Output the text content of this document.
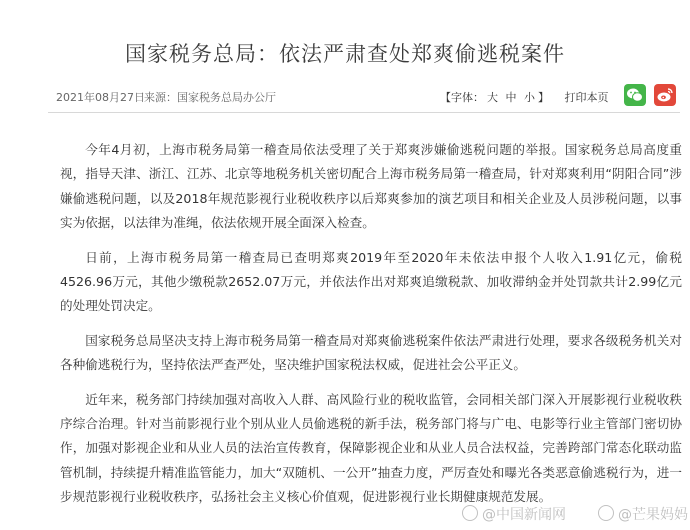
国家税务总局：依法严肃查处郑爽偷逃税案件
2021年08月27日 来源：国家税务总局办公厅	【字体： 大 中 小 】 打印本页

今年4月初，上海市税务局第一稽查局依法受理了关于郑爽涉嫌偷逃税问题的举报。国家税务总局高度重视，指导天津、浙江、江苏、北京等地税务机关密切配合上海市税务局第一稽查局，针对郑爽利用“阴阳合同”涉嫌偷逃税问题，以及2018年规范影视行业税收秩序以后郑爽参加的演艺项目和相关企业及人员涉税问题，以事实为依据，以法律为准绳，依法依规开展全面深入检查。

日前，上海市税务局第一稽查局已查明郑爽2019年至2020年未依法申报个人收入1.91亿元，偷税4526.96万元，其他少缴税款2652.07万元，并依法作出对郑爽追缴税款、加收滞纳金并处罚款共计2.99亿元的处理处罚决定。

国家税务总局坚决支持上海市税务局第一稽查局对郑爽偷逃税案件依法严肃进行处理，要求各级税务机关对各种偷逃税行为，坚持依法严查严处，坚决维护国家税法权威，促进社会公平正义。

近年来，税务部门持续加强对高收入人群、高风险行业的税收监管，会同相关部门深入开展影视行业税收秩序综合治理。针对当前影视行业个别从业人员偷逃税的新手法，税务部门将与广电、电影等行业主管部门密切协作，加强对影视企业和从业人员的法治宣传教育，保障影视企业和从业人员合法权益，完善跨部门常态化联动监管机制，持续提升精准监管能力，加大“双随机、一公开”抽查力度，严厉查处和曝光各类恶意偷逃税行为，进一步规范影视行业税收秩序，弘扬社会主义核心价值观，促进影视行业长期健康规范发展。

@中国新闻网	@芒果妈妈
